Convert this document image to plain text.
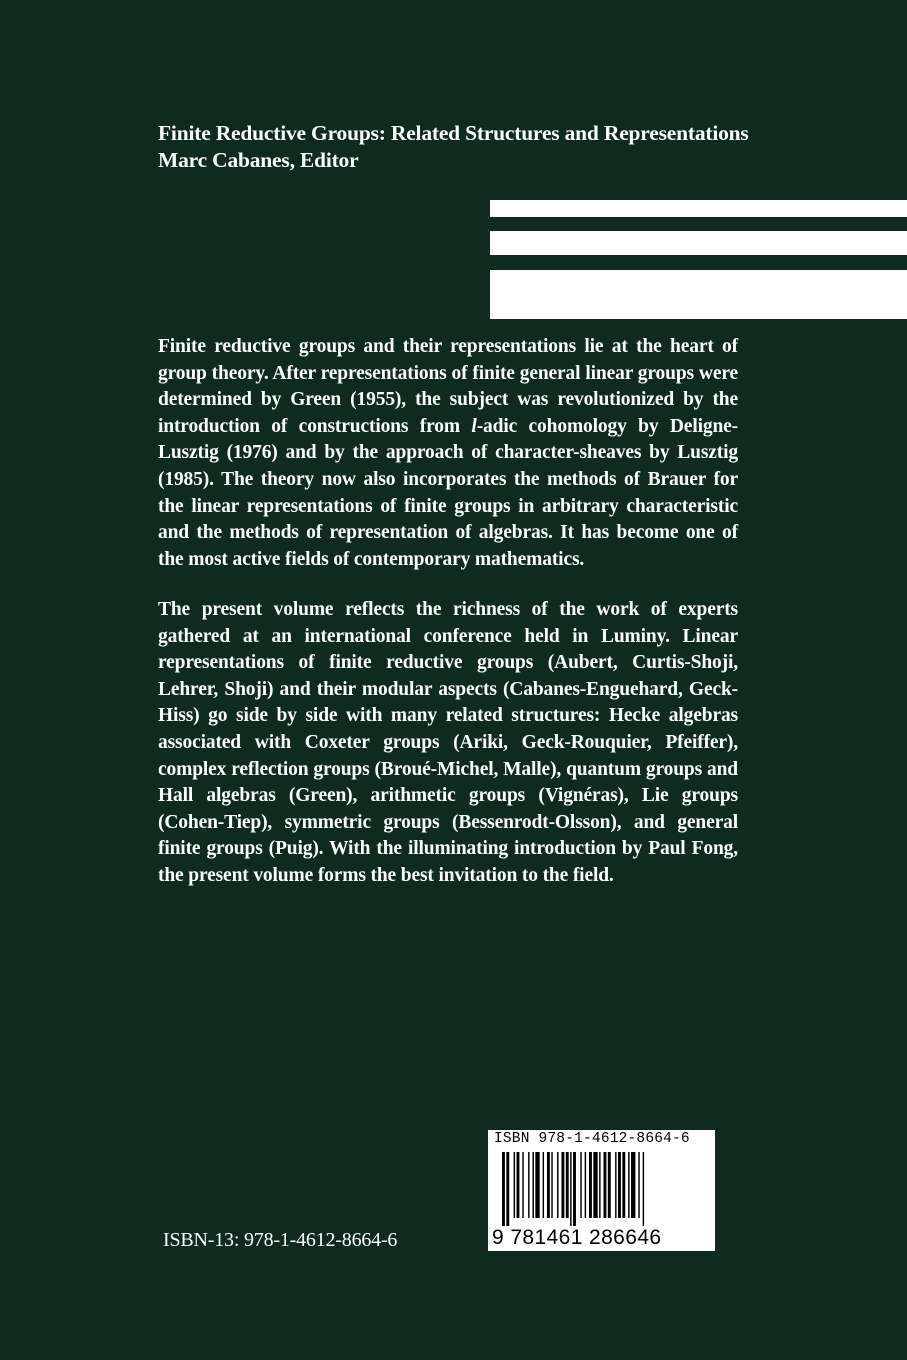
Finite Reductive Groups: Related Structures and Representations
Marc Cabanes, Editor

Finite reductive groups and their representations lie at the heart of group theory. After representations of finite general linear groups were determined by Green (1955), the subject was revolutionized by the introduction of constructions from l-adic cohomology by Deligne-Lusztig (1976) and by the approach of character-sheaves by Lusztig (1985). The theory now also incorporates the methods of Brauer for the linear representations of finite groups in arbitrary characteristic and the methods of representation of algebras. It has become one of the most active fields of contemporary mathematics.

The present volume reflects the richness of the work of experts gathered at an international conference held in Luminy. Linear representations of finite reductive groups (Aubert, Curtis-Shoji, Lehrer, Shoji) and their modular aspects (Cabanes-Enguehard, Geck-Hiss) go side by side with many related structures: Hecke algebras associated with Coxeter groups (Ariki, Geck-Rouquier, Pfeiffer), complex reflection groups (Broué-Michel, Malle), quantum groups and Hall algebras (Green), arithmetic groups (Vignéras), Lie groups (Cohen-Tiep), symmetric groups (Bessenrodt-Olsson), and general finite groups (Puig). With the illuminating introduction by Paul Fong, the present volume forms the best invitation to the field.

ISBN-13: 978-1-4612-8664-6
ISBN 978-1-4612-8664-6
9 781461 286646
